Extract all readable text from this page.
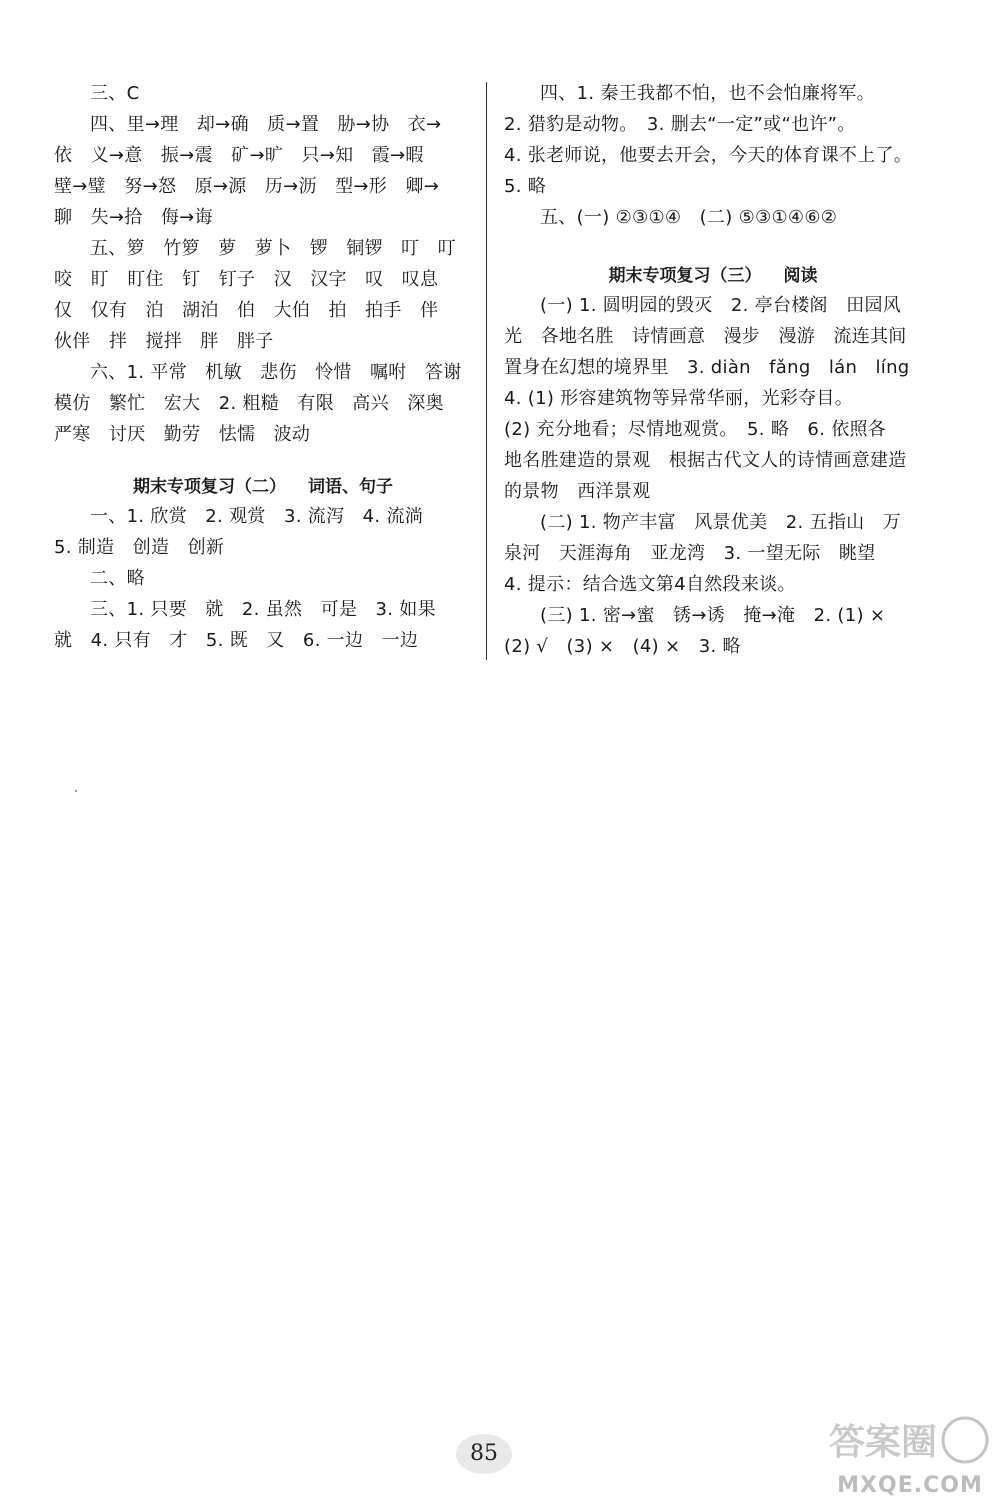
三、C
四、里→理　却→确　质→置　胁→协　衣→
依　义→意　振→震　矿→旷　只→知　霞→暇
壁→璧　努→怒　原→源　历→沥　型→形　卿→
聊　失→拾　侮→诲
五、箩　竹箩　萝　萝卜　锣　铜锣　叮　叮
咬　盯　盯住　钉　钉子　汉　汉字　叹　叹息
仅　仅有　泊　湖泊　伯　大伯　拍　拍手　伴
伙伴　拌　搅拌　胖　胖子
六、1. 平常　机敏　悲伤　怜惜　嘱咐　答谢
模仿　繁忙　宏大　2. 粗糙　有限　高兴　深奥
严寒　讨厌　勤劳　怯懦　波动
期末专项复习（二） 词语、句子
一、1. 欣赏　2. 观赏　3. 流泻　4. 流淌
5. 制造　创造　创新
二、略
三、1. 只要　就　2. 虽然　可是　3. 如果
就　4. 只有　才　5. 既　又　6. 一边　一边
四、1. 秦王我都不怕，也不会怕廉将军。
2. 猎豹是动物。　3. 删去“一定”或“也许”。
4. 张老师说，他要去开会，今天的体育课不上了。
5. 略
五、(一) ②③①④　(二) ⑤③①④⑥②
期末专项复习（三） 阅读
(一) 1. 圆明园的毁灭　2. 亭台楼阁　田园风
光　各地名胜　诗情画意　漫步　漫游　流连其间
置身在幻想的境界里　3. diàn　fǎng　lán　líng
4. (1) 形容建筑物等异常华丽，光彩夺目。
(2) 充分地看；尽情地观赏。　5. 略　6. 依照各
地名胜建造的景观　根据古代文人的诗情画意建造
的景物　西洋景观
(二) 1. 物产丰富　风景优美　2. 五指山　万
泉河　天涯海角　亚龙湾　3. 一望无际　眺望
4. 提示：结合选文第4自然段来谈。
(三) 1. 密→蜜　锈→诱　掩→淹　2. (1) ×
(2) √　(3) ×　(4) ×　3. 略
85	答案圈
MXQE.COM
